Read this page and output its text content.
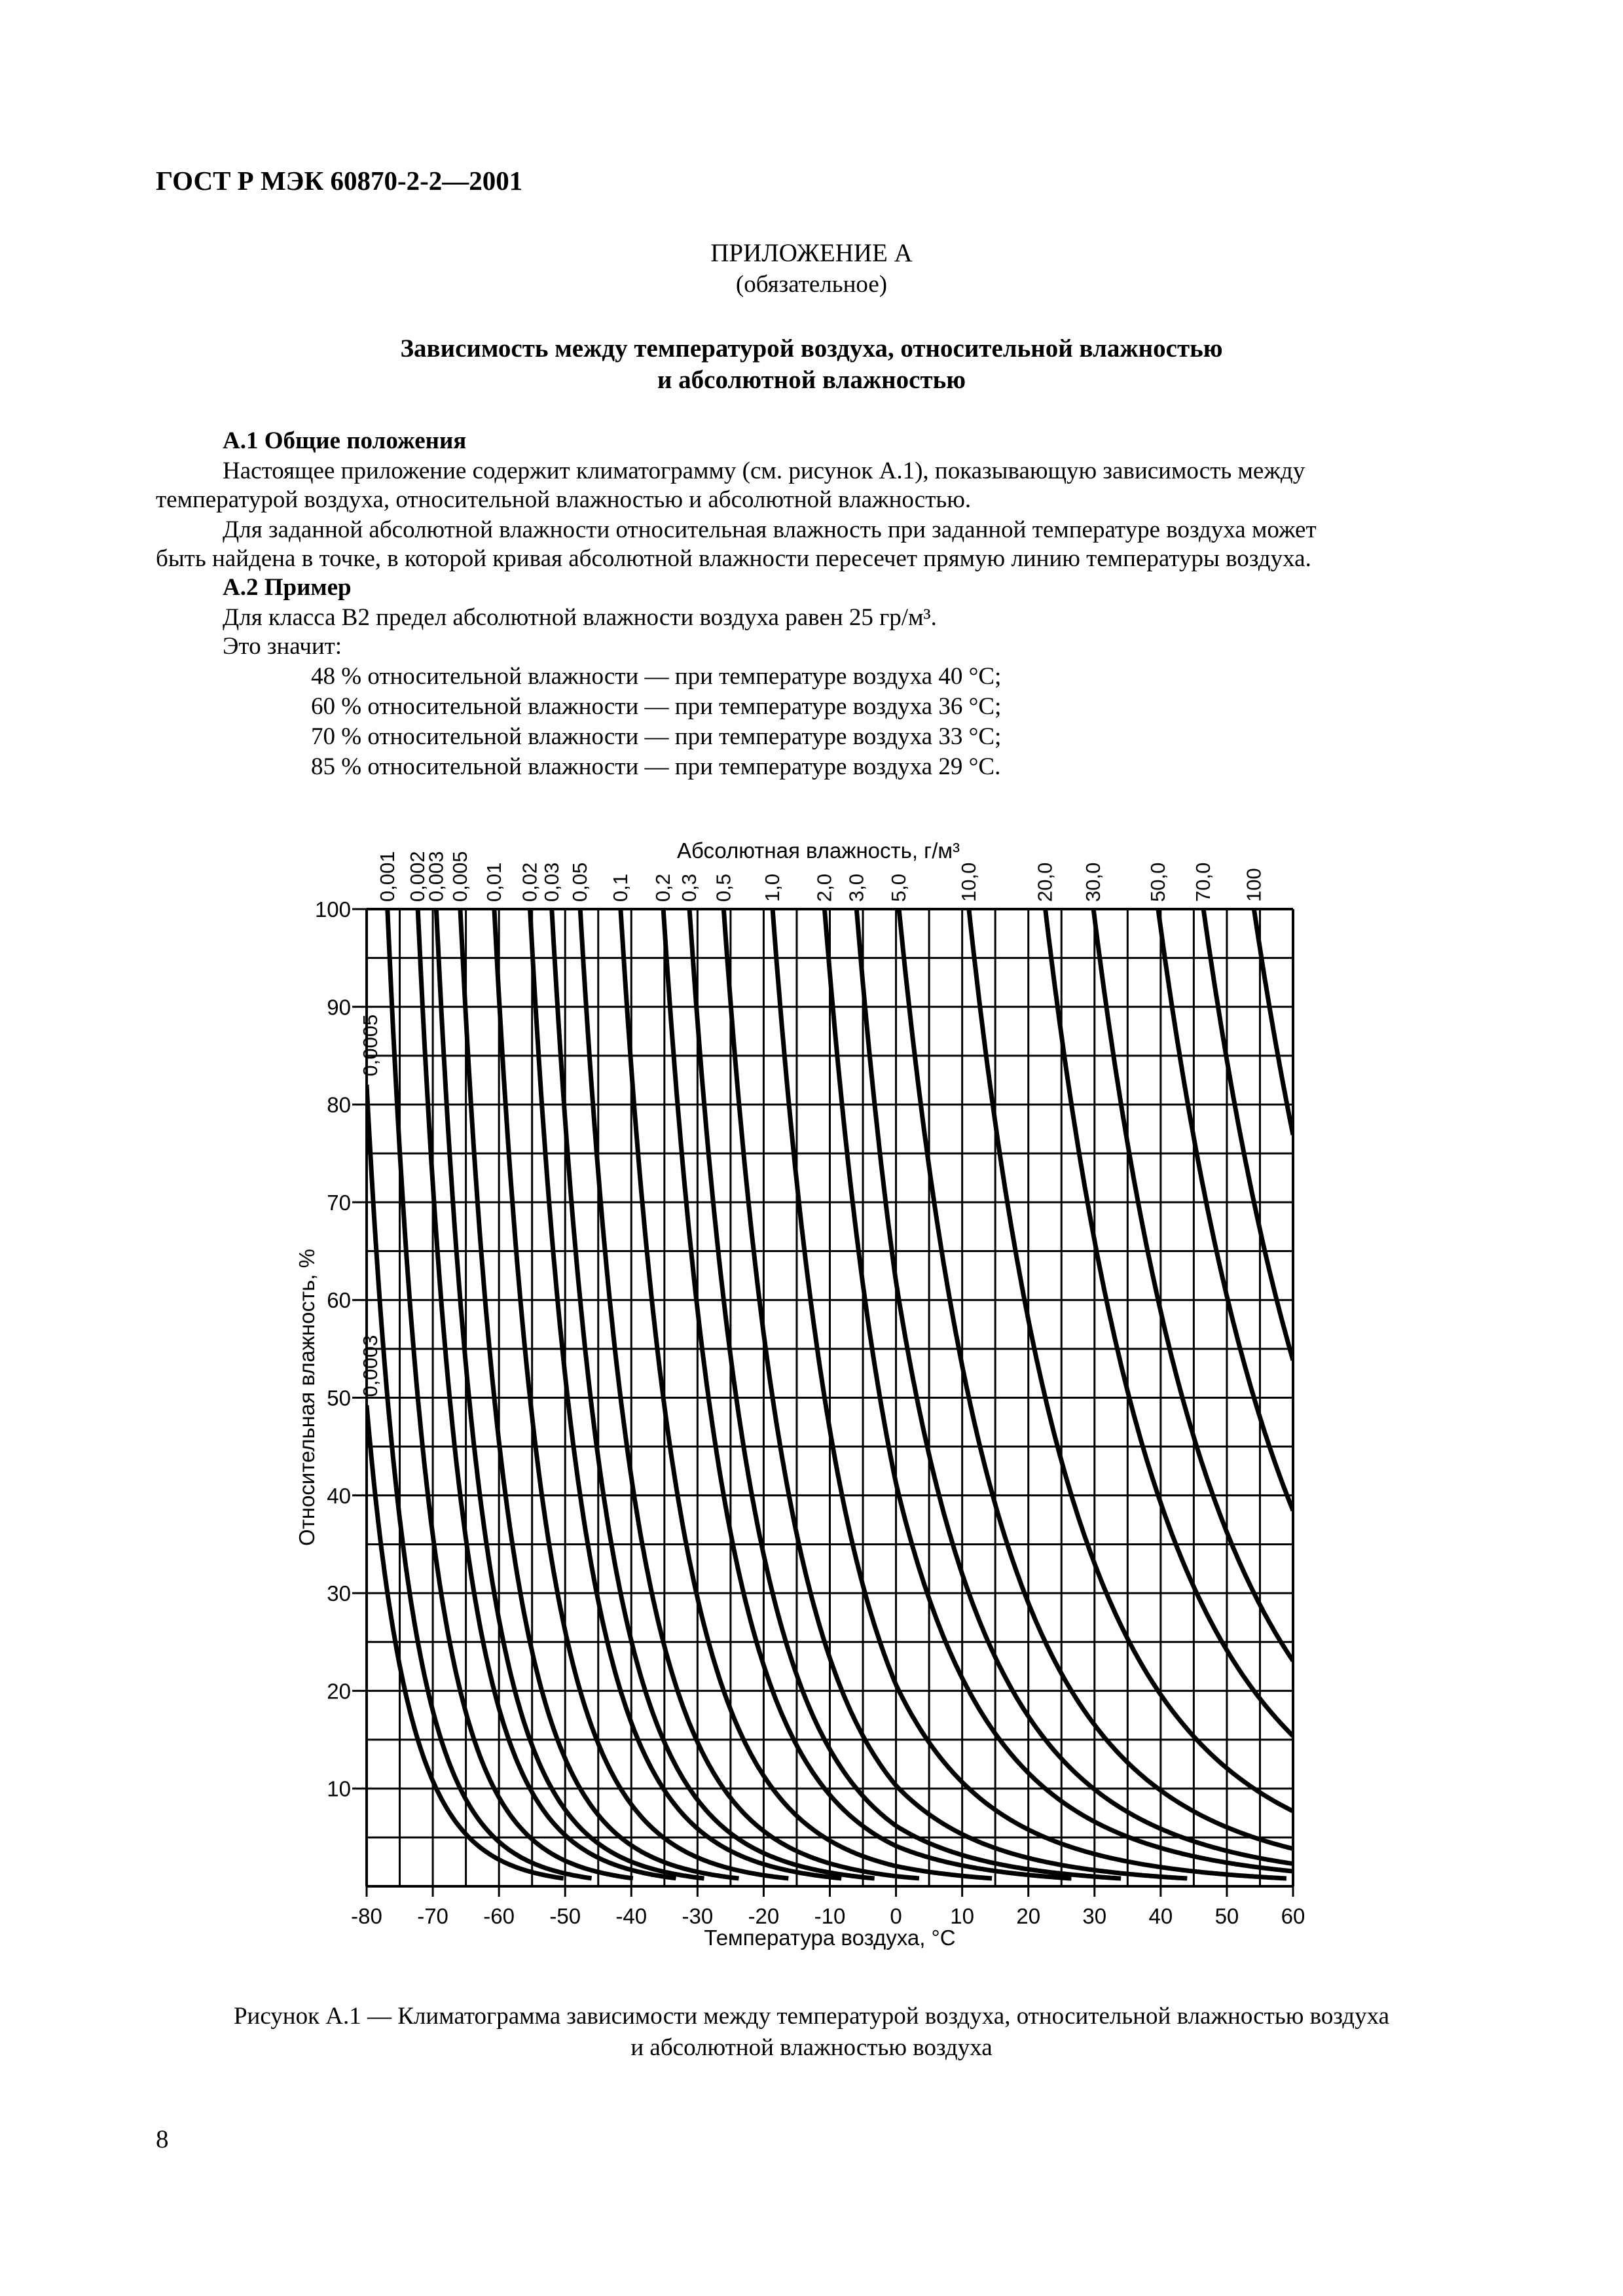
ГОСТ Р МЭК 60870-2-2—2001
ПРИЛОЖЕНИЕ А
(обязательное)
Зависимость между температурой воздуха, относительной влажностью
и абсолютной влажностью
А.1 Общие положения
Настоящее приложение содержит климатограмму (см. рисунок А.1), показывающую зависимость между
температурой воздуха, относительной влажностью и абсолютной влажностью.
Для заданной абсолютной влажности относительная влажность при заданной температуре воздуха может
быть найдена в точке, в которой кривая абсолютной влажности пересечет прямую линию температуры воздуха.
А.2 Пример
Для класса В2 предел абсолютной влажности воздуха равен 25 гр/м³.
Это значит:
48 % относительной влажности — при температуре воздуха 40 °С;
60 % относительной влажности — при температуре воздуха 36 °С;
70 % относительной влажности — при температуре воздуха 33 °С;
85 % относительной влажности — при температуре воздуха 29 °С.
10
20
30
40
50
60
70
80
90
100
-80 -70 -60 -50 -40 -30 -20 -10 0 10 20 30 40 50 60
Температура воздуха, °С
Относительная влажность, %
Абсолютная влажность, г/м³
0,0003
0,0005
0,001 0,002
0,003 0,005 0,01 0,02
0,03 0,05 0,1 0,2 0,3 0,5 1,0 2,0 3,0 5,0 10,0	20,0 30,0 50,0 70,0 100
Рисунок А.1 — Климатограмма зависимости между температурой воздуха, относительной влажностью воздуха
и абсолютной влажностью воздуха
8
